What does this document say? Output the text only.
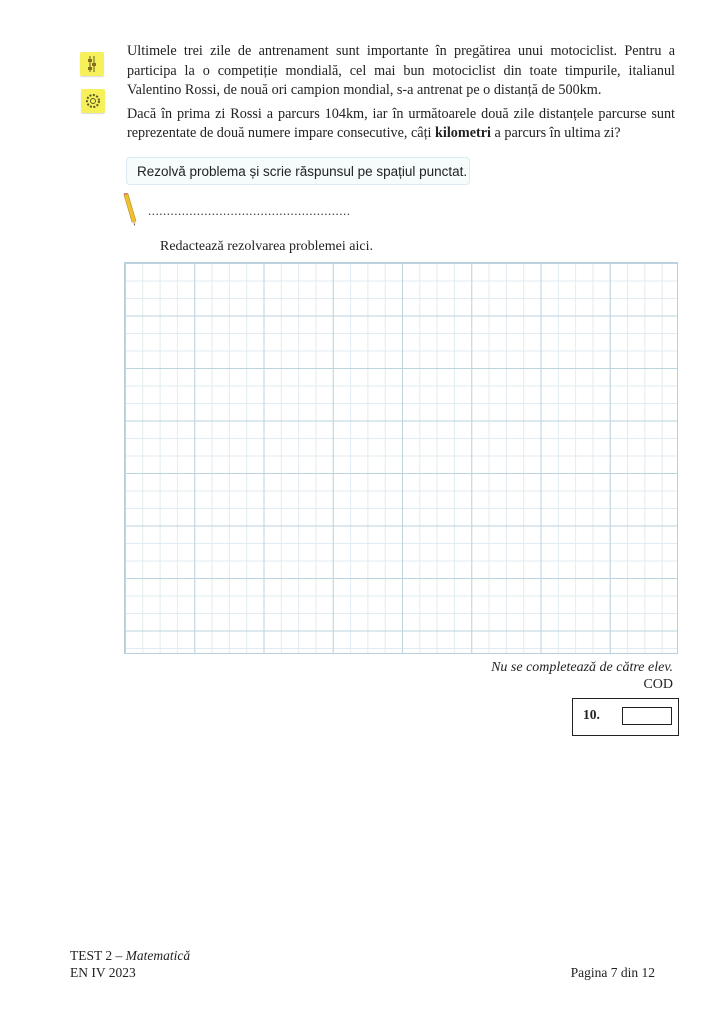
Ultimele trei zile de antrenament sunt importante în pregătirea unui motociclist. Pentru a participa la o competiție mondială, cel mai bun motociclist din toate timpurile, italianul Valentino Rossi, de nouă ori campion mondial, s-a antrenat pe o distanță de 500km.

Dacă în prima zi Rossi a parcurs 104km, iar în următoarele două zile distanțele parcurse sunt reprezentate de două numere impare consecutive, câți kilometri a parcurs în ultima zi?

Rezolvă problema și scrie răspunsul pe spațiul punctat.
......................................................
Redactează rezolvarea problemei aici.
Nu se completează de către elev.
COD
10.
TEST 2 – Matematică
EN IV 2023	Pagina 7 din 12
